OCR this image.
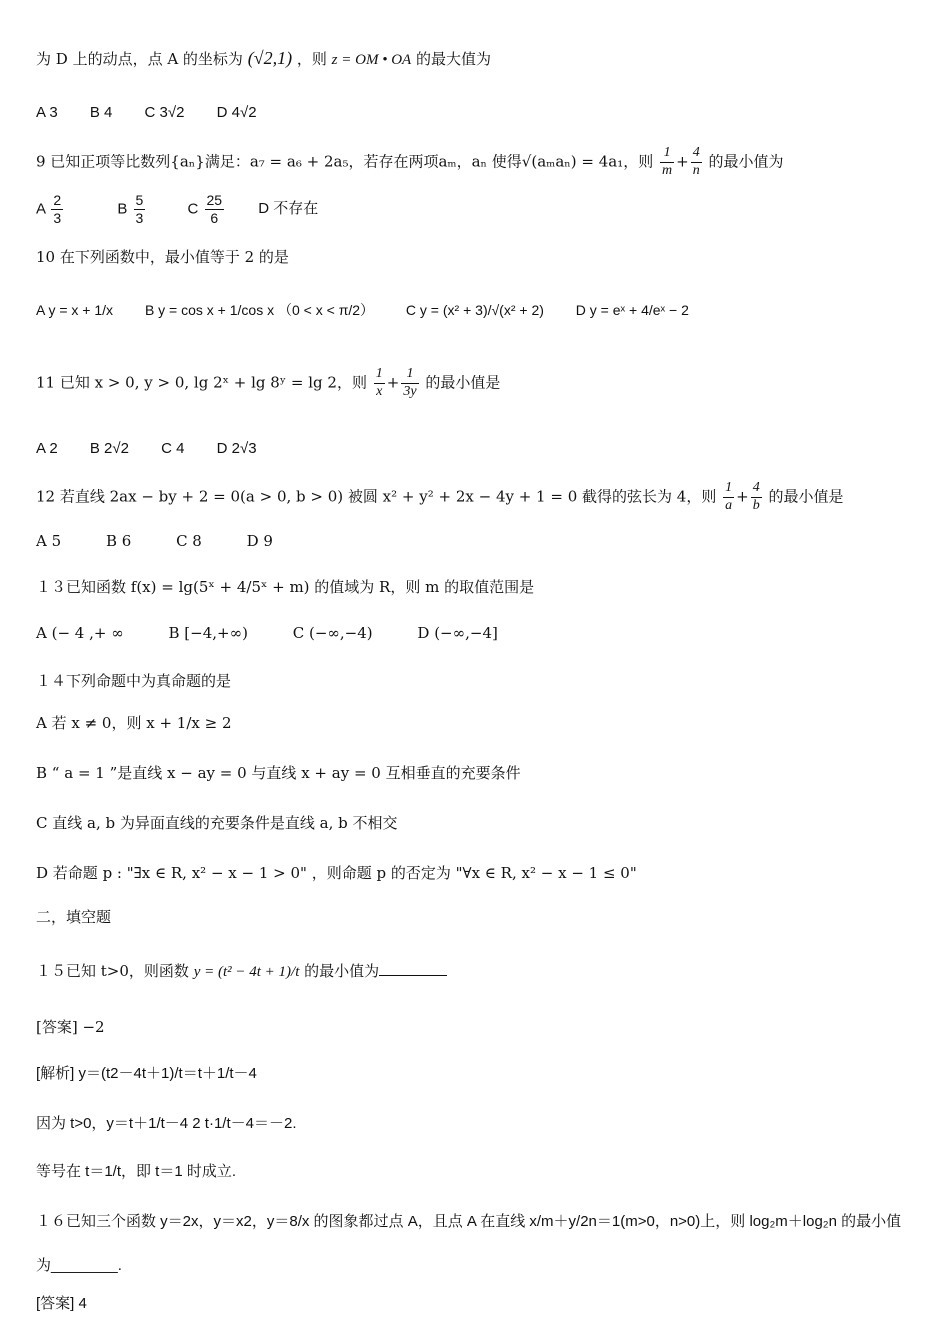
为 D 上的动点，点 A 的坐标为 (√2,1) ，则 z = OM • OA 的最大值为
A 3 B 4 C 3√2 D 4√2
9 已知正项等比数列{aₙ}满足：a₇ = a₆ + 2a₅，若存在两项aₘ，aₙ 使得√(aₘaₙ) = 4a₁，则 $\frac{1}{m} + \frac{4}{n}$ 的最小值为
A $\frac{2}{3}$	B $\frac{5}{3}$	C $\frac{25}{6}$ D 不存在
10 在下列函数中，最小值等于 2 的是
A y = x + 1/x B y = cos x + 1/cos x （0 < x < π/2） C y = (x² + 3)/√(x² + 2) D y = eˣ + 4/eˣ − 2
11 已知 x > 0, y > 0, lg 2ˣ + lg 8ʸ = lg 2，则 $\frac{1}{x} + \frac{1}{3y}$ 的最小值是
A 2 B 2√2 C 4 D 2√3
12 若直线 2ax − by + 2 = 0(a > 0, b > 0) 被圆 x² + y² + 2x − 4y + 1 = 0 截得的弦长为 4，则 $\frac{1}{a} + \frac{4}{b}$ 的最小值是
A 5	B 6	C 8	D 9
１３已知函数 f(x) = lg(5ˣ + 4/5ˣ + m) 的值域为 R，则 m 的取值范围是
A (− 4 ,+ ∞	B [−4,+∞)	C (−∞,−4)	D (−∞,−4]
１４下列命题中为真命题的是
A 若 x ≠ 0，则 x + 1/x ≥ 2
B “ a = 1 ”是直线 x − ay = 0 与直线 x + ay = 0 互相垂直的充要条件
C 直线 a, b 为异面直线的充要条件是直线 a, b 不相交
D 若命题 p : "∃x ∈ R, x² − x − 1 > 0" ，则命题 p 的否定为 "∀x ∈ R, x² − x − 1 ≤ 0"
二，填空题
１５已知 t>0，则函数 y = (t² − 4t + 1)/t 的最小值为
[答案] −2
[解析] y＝(t2－4t＋1)/t＝t＋1/t－4
因为 t>0，y＝t＋1/t－4 2 t·1/t－4＝－2.
等号在 t＝1/t，即 t＝1 时成立.
１６已知三个函数 y＝2x，y＝x2，y＝8/x 的图象都过点 A，且点 A 在直线 x/m＋y/2n＝1(m>0，n>0)上，则 log₂m＋log₂n 的最小值
为________.
[答案] 4
